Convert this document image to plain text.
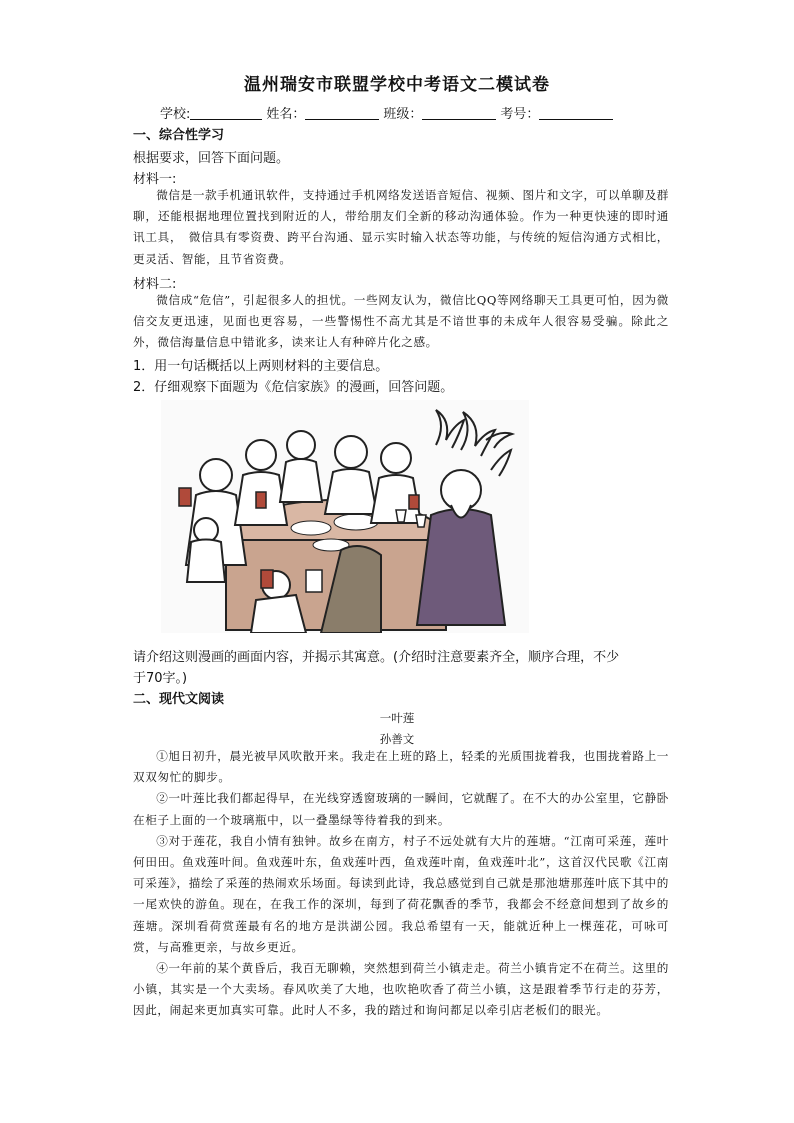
温州瑞安市联盟学校中考语文二模试卷
学校:	姓名：	班级：	考号：
一、综合性学习
根据要求，回答下面问题。
材料一:

微信是一款手机通讯软件，支持通过手机网络发送语音短信、视频、图片和文字，可以单聊及群聊，还能根据地理位置找到附近的人，带给朋友们全新的移动沟通体验。作为一种更快速的即时通讯工具，　微信具有零资费、跨平台沟通、显示实时输入状态等功能，与传统的短信沟通方式相比，更灵活、智能，且节省资费。

材料二:

微信成“危信”，引起很多人的担忧。一些网友认为，微信比QQ等网络聊天工具更可怕，因为微信交友更迅速，见面也更容易，一些警惕性不高尤其是不谙世事的未成年人很容易受骗。除此之外，微信海量信息中错讹多，读来让人有种碎片化之感。

1．用一句话概括以上两则材料的主要信息。
2．仔细观察下面题为《危信家族》的漫画，回答问题。
请介绍这则漫画的画面内容，并揭示其寓意。(介绍时注意要素齐全，顺序合理，不少
于70字。)
二、现代文阅读
一叶莲
孙善文

①旭日初升，晨光被早风吹散开来。我走在上班的路上，轻柔的光质围拢着我，也围拢着路上一双双匆忙的脚步。

②一叶莲比我们都起得早，在光线穿透窗玻璃的一瞬间，它就醒了。在不大的办公室里，它静卧在柜子上面的一个玻璃瓶中，以一叠墨绿等待着我的到来。

③对于莲花，我自小情有独钟。故乡在南方，村子不远处就有大片的莲塘。“江南可采莲，莲叶何田田。鱼戏莲叶间。鱼戏莲叶东，鱼戏莲叶西，鱼戏莲叶南，鱼戏莲叶北”，这首汉代民歌《江南可采莲》，描绘了采莲的热闹欢乐场面。每读到此诗，我总感觉到自己就是那池塘那莲叶底下其中的一尾欢快的游鱼。现在，在我工作的深圳，每到了荷花飘香的季节，我都会不经意间想到了故乡的莲塘。深圳看荷赏莲最有名的地方是洪湖公园。我总希望有一天，能就近种上一棵莲花，可咏可赏，与高雅更亲，与故乡更近。

④一年前的某个黄昏后，我百无聊赖，突然想到荷兰小镇走走。荷兰小镇肯定不在荷兰。这里的小镇，其实是一个大卖场。春风吹美了大地，也吹艳吹香了荷兰小镇，这是跟着季节行走的芬芳，因此，闹起来更加真实可靠。此时人不多，我的踏过和询问都足以牵引店老板们的眼光。
